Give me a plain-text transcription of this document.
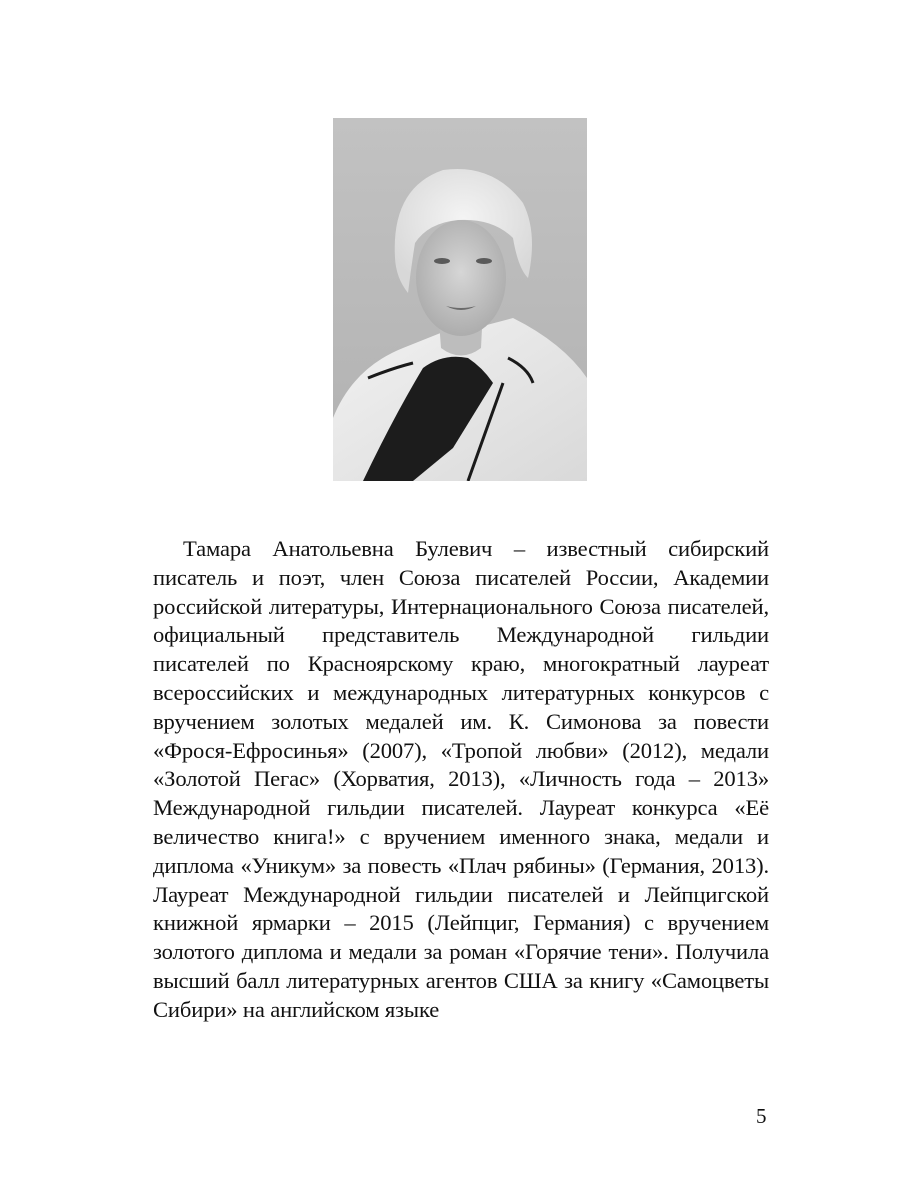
Тамара Анатольевна Булевич – известный сибирский писатель и поэт, член Союза писателей России, Академии российской литературы, Интернационального Союза писателей, официальный представитель Международной гильдии писателей по Красноярскому краю, многократный лауреат всероссийских и международных литературных конкурсов с вручением золотых медалей им. К. Симонова за повести «Фрося-Ефросинья» (2007), «Тропой любви» (2012), медали «Золотой Пегас» (Хорватия, 2013), «Личность года – 2013» Международной гильдии писателей. Лауреат конкурса «Её величество книга!» с вручением именного знака, медали и диплома «Уникум» за повесть «Плач рябины» (Германия, 2013). Лауреат Международной гильдии писателей и Лейпцигской книжной ярмарки – 2015 (Лейпциг, Германия) с вручением золотого диплома и медали за роман «Горячие тени». Получила высший балл литературных агентов США за книгу «Самоцветы Сибири» на английском языке

5
